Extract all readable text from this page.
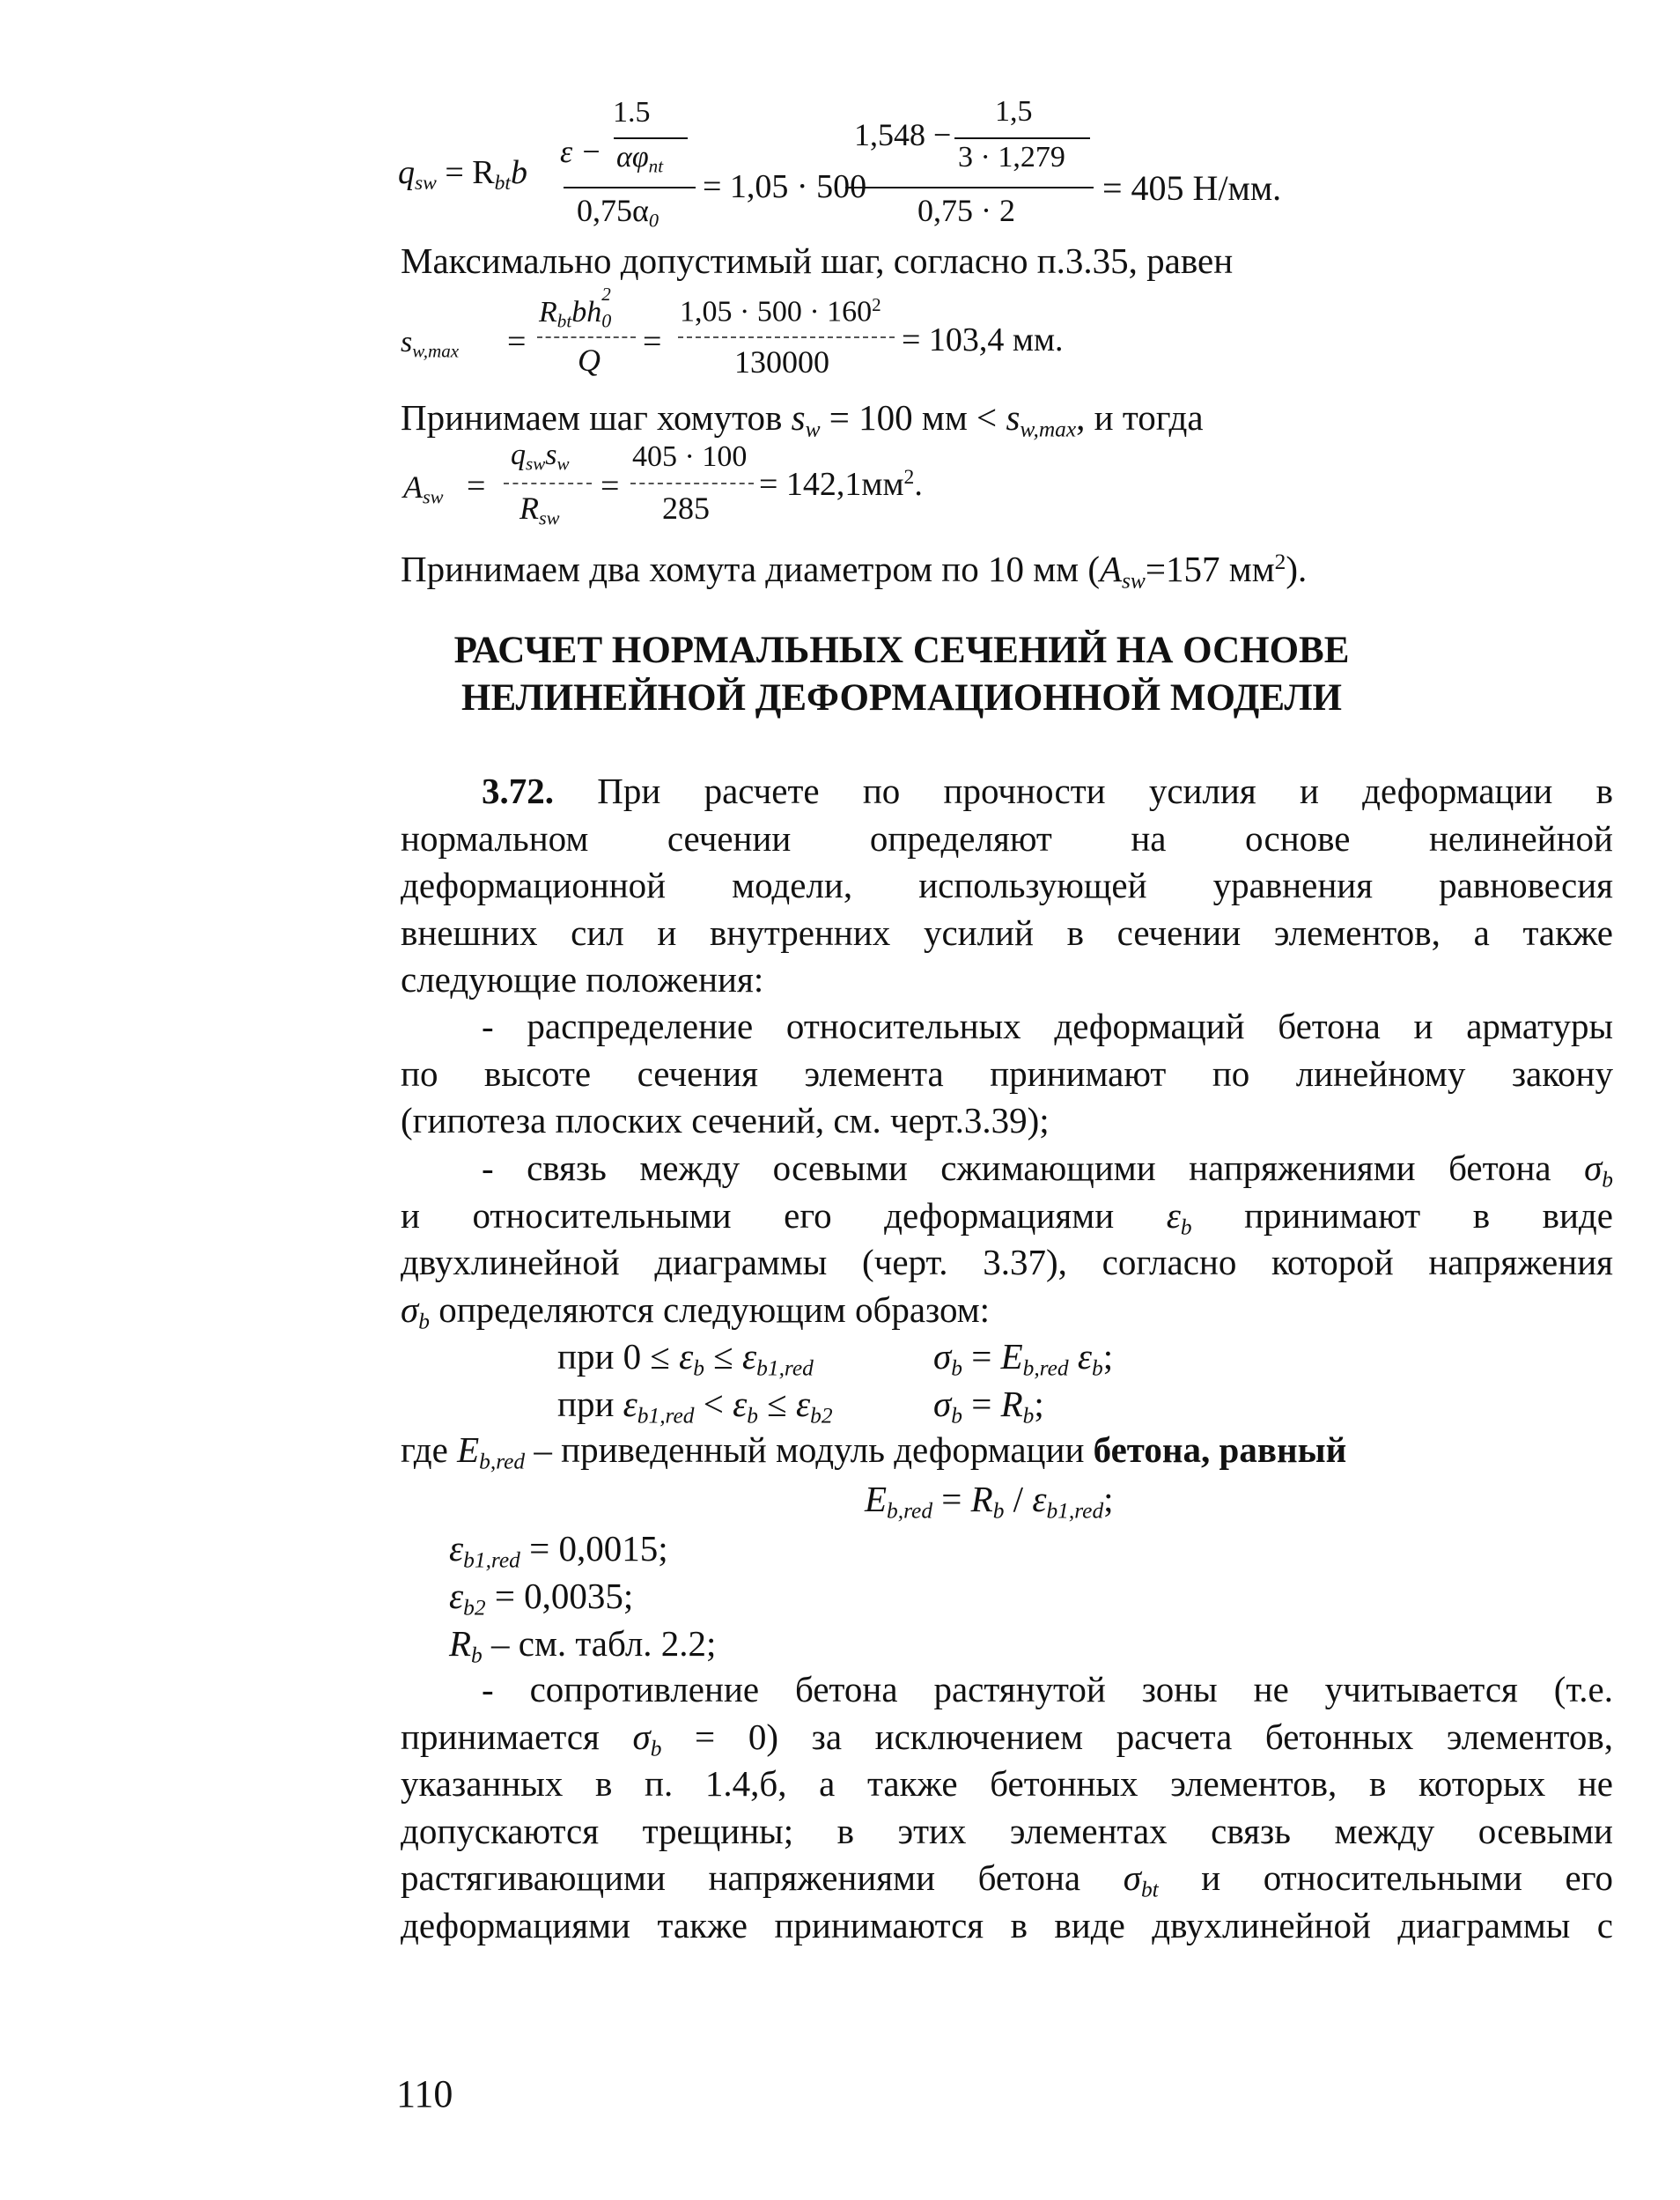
$q_{sw} = R_{bt}b$
1.5
$\varepsilon - \alpha\varphi_{nt}$
$0,75\alpha_0$
= 1,05 · 500
1,5
1,548 −
3 · 1,279
0,75 · 2
= 405 Н/мм.
Максимально допустимый шаг, согласно п.3.35, равен
$s_{w,max}$ =
$R_{bt}bh$
2
$_0$
Q =
$1,05 \cdot 500 \cdot 160^2$
130000
= 103,4 мм.
Принимаем шаг хомутов $s_w = 100$ мм < $s_{w,max}$, и тогда
$A_{sw}$ =
$q_{sw}s_w$
$R_{sw}$
=
405 · 100
285
= $142,1мм^2$.
Принимаем два хомута диаметром по 10 мм ($A_{sw}=157$ $мм^2$).
РАСЧЕТ НОРМАЛЬНЫХ СЕЧЕНИЙ НА ОСНОВЕ
НЕЛИНЕЙНОЙ ДЕФОРМАЦИОННОЙ МОДЕЛИ
3.72. При расчете по прочности усилия и деформации в
нормальном сечении определяют на основе нелинейной
деформационной модели, использующей уравнения равновесия
внешних сил и внутренних усилий в сечении элементов, а также
следующие положения:
- распределение относительных деформаций бетона и арматуры
по высоте сечения элемента принимают по линейному закону
(гипотеза плоских сечений, см. черт.3.39);
- связь между осевыми сжимающими напряжениями бетона $\sigma_b$
и относительными его деформациями $\varepsilon_b$ принимают в виде
двухлинейной диаграммы (черт. 3.37), согласно которой напряжения
$\sigma_b$ определяются следующим образом:
при $0 \le \varepsilon_b \le \varepsilon_{b1,red}$	$\sigma_b = E_{b,red}$ $\varepsilon_b$;
при $\varepsilon_{b1,red} < \varepsilon_b \le \varepsilon_{b2}$	$\sigma_b = R_b$;
где $E_{b,red}$ – приведенный модуль деформации бетона, равный
$E_{b,red} = R_b / \varepsilon_{b1,red}$;
$\varepsilon_{b1,red} = 0,0015$;
$\varepsilon_{b2} = 0,0035$;
$R_b$ – см. табл. 2.2;
- сопротивление бетона растянутой зоны не учитывается (т.е.
принимается $\sigma_b = 0$) за исключением расчета бетонных элементов,
указанных в п. 1.4,б, а также бетонных элементов, в которых не
допускаются трещины; в этих элементах связь между осевыми
растягивающими напряжениями бетона $\sigma_{bt}$ и относительными его
деформациями также принимаются в виде двухлинейной диаграммы с
110
